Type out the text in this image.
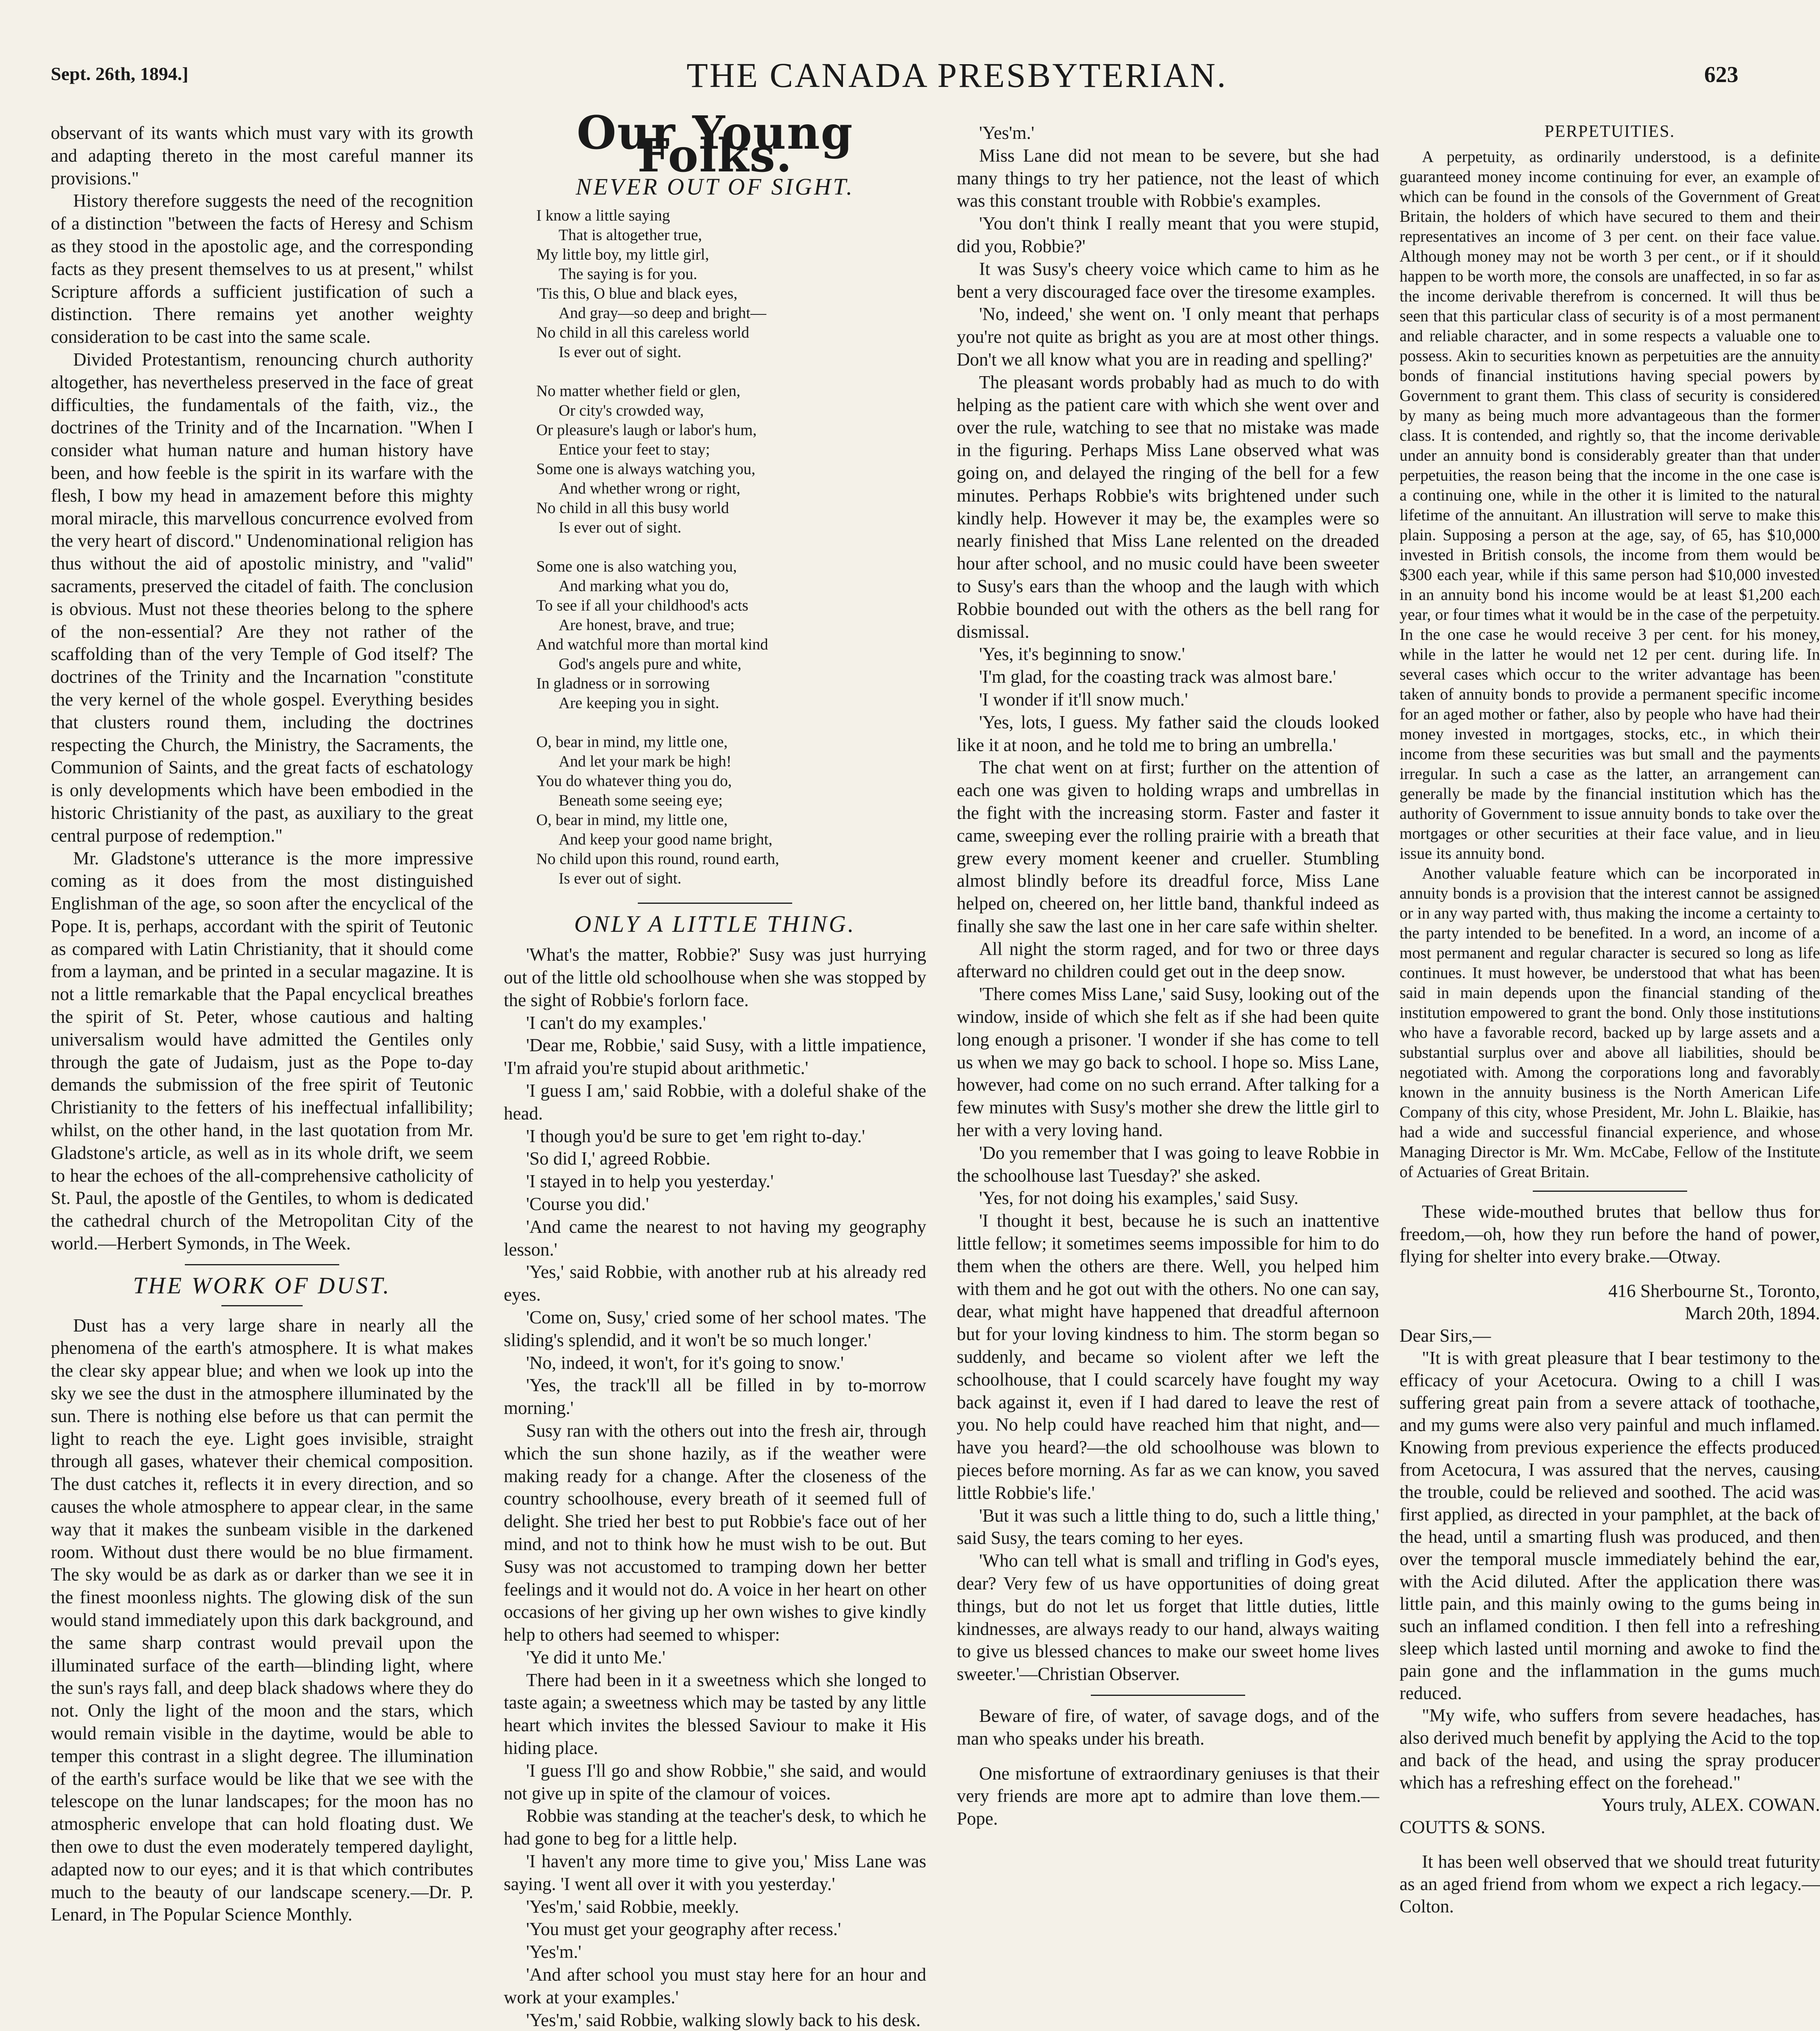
Sept. 26th, 1894.]	THE CANADA PRESBYTERIAN.	623

observant of its wants which must vary with its growth and adapting thereto in the most careful manner its provisions."

History therefore suggests the need of the recognition of a distinction "between the facts of Heresy and Schism as they stood in the apostolic age, and the corresponding facts as they present themselves to us at present," whilst Scripture affords a sufficient justification of such a distinction. There remains yet another weighty consideration to be cast into the same scale.

Divided Protestantism, renouncing church authority altogether, has nevertheless preserved in the face of great difficulties, the fundamentals of the faith, viz., the doctrines of the Trinity and of the Incarnation. "When I consider what human nature and human history have been, and how feeble is the spirit in its warfare with the flesh, I bow my head in amazement before this mighty moral miracle, this marvellous concurrence evolved from the very heart of discord." Undenominational religion has thus without the aid of apostolic ministry, and "valid" sacraments, preserved the citadel of faith. The conclusion is obvious. Must not these theories belong to the sphere of the non-essential? Are they not rather of the scaffolding than of the very Temple of God itself? The doctrines of the Trinity and the Incarnation "constitute the very kernel of the whole gospel. Everything besides that clusters round them, including the doctrines respecting the Church, the Ministry, the Sacraments, the Communion of Saints, and the great facts of eschatology is only developments which have been embodied in the historic Christianity of the past, as auxiliary to the great central purpose of redemption."

Mr. Gladstone's utterance is the more impressive coming as it does from the most distinguished Englishman of the age, so soon after the encyclical of the Pope. It is, perhaps, accordant with the spirit of Teutonic as compared with Latin Christianity, that it should come from a layman, and be printed in a secular magazine. It is not a little remarkable that the Papal encyclical breathes the spirit of St. Peter, whose cautious and halting universalism would have admitted the Gentiles only through the gate of Judaism, just as the Pope to-day demands the submission of the free spirit of Teutonic Christianity to the fetters of his ineffectual infallibility; whilst, on the other hand, in the last quotation from Mr. Gladstone's article, as well as in its whole drift, we seem to hear the echoes of the all-comprehensive catholicity of St. Paul, the apostle of the Gentiles, to whom is dedicated the cathedral church of the Metropolitan City of the world.—Herbert Symonds, in The Week.

THE WORK OF DUST.

Dust has a very large share in nearly all the phenomena of the earth's atmosphere. It is what makes the clear sky appear blue; and when we look up into the sky we see the dust in the atmosphere illuminated by the sun. There is nothing else before us that can permit the light to reach the eye. Light goes invisible, straight through all gases, whatever their chemical composition. The dust catches it, reflects it in every direction, and so causes the whole atmosphere to appear clear, in the same way that it makes the sunbeam visible in the darkened room. Without dust there would be no blue firmament. The sky would be as dark as or darker than we see it in the finest moonless nights. The glowing disk of the sun would stand immediately upon this dark background, and the same sharp contrast would prevail upon the illuminated surface of the earth—blinding light, where the sun's rays fall, and deep black shadows where they do not. Only the light of the moon and the stars, which would remain visible in the daytime, would be able to temper this contrast in a slight degree. The illumination of the earth's surface would be like that we see with the telescope on the lunar landscapes; for the moon has no atmospheric envelope that can hold floating dust. We then owe to dust the even moderately tempered daylight, adapted now to our eyes; and it is that which contributes much to the beauty of our landscape scenery.—Dr. P. Lenard, in The Popular Science Monthly.

Our Young Folks.
NEVER OUT OF SIGHT.
I know a little saying
That is altogether true,
My little boy, my little girl,
The saying is for you.
'Tis this, O blue and black eyes,
And gray—so deep and bright—
No child in all this careless world
Is ever out of sight.

No matter whether field or glen,
Or city's crowded way,
Or pleasure's laugh or labor's hum,
Entice your feet to stay;
Some one is always watching you,
And whether wrong or right,
No child in all this busy world
Is ever out of sight.

Some one is also watching you,
And marking what you do,
To see if all your childhood's acts
Are honest, brave, and true;
And watchful more than mortal kind
God's angels pure and white,
In gladness or in sorrowing
Are keeping you in sight.

O, bear in mind, my little one,
And let your mark be high!
You do whatever thing you do,
Beneath some seeing eye;
O, bear in mind, my little one,
And keep your good name bright,
No child upon this round, round earth,
Is ever out of sight.
ONLY A LITTLE THING.

'What's the matter, Robbie?' Susy was just hurrying out of the little old schoolhouse when she was stopped by the sight of Robbie's forlorn face.

'I can't do my examples.'

'Dear me, Robbie,' said Susy, with a little impatience, 'I'm afraid you're stupid about arithmetic.'

'I guess I am,' said Robbie, with a doleful shake of the head.

'I though you'd be sure to get 'em right to-day.'

'So did I,' agreed Robbie.

'I stayed in to help you yesterday.'

'Course you did.'

'And came the nearest to not having my geography lesson.'

'Yes,' said Robbie, with another rub at his already red eyes.

'Come on, Susy,' cried some of her school mates. 'The sliding's splendid, and it won't be so much longer.'

'No, indeed, it won't, for it's going to snow.'

'Yes, the track'll all be filled in by to-morrow morning.'

Susy ran with the others out into the fresh air, through which the sun shone hazily, as if the weather were making ready for a change. After the closeness of the country schoolhouse, every breath of it seemed full of delight. She tried her best to put Robbie's face out of her mind, and not to think how he must wish to be out. But Susy was not accustomed to tramping down her better feelings and it would not do. A voice in her heart on other occasions of her giving up her own wishes to give kindly help to others had seemed to whisper:

'Ye did it unto Me.'

There had been in it a sweetness which she longed to taste again; a sweetness which may be tasted by any little heart which invites the blessed Saviour to make it His hiding place.

'I guess I'll go and show Robbie," she said, and would not give up in spite of the clamour of voices.

Robbie was standing at the teacher's desk, to which he had gone to beg for a little help.

'I haven't any more time to give you,' Miss Lane was saying. 'I went all over it with you yesterday.'

'Yes'm,' said Robbie, meekly.

'You must get your geography after recess.'

'Yes'm.'

'And after school you must stay here for an hour and work at your examples.'

'Yes'm,' said Robbie, walking slowly back to his desk.

'Yes'm.'

Miss Lane did not mean to be severe, but she had many things to try her patience, not the least of which was this constant trouble with Robbie's examples.

'You don't think I really meant that you were stupid, did you, Robbie?'

It was Susy's cheery voice which came to him as he bent a very discouraged face over the tiresome examples.

'No, indeed,' she went on. 'I only meant that perhaps you're not quite as bright as you are at most other things. Don't we all know what you are in reading and spelling?'

The pleasant words probably had as much to do with helping as the patient care with which she went over and over the rule, watching to see that no mistake was made in the figuring. Perhaps Miss Lane observed what was going on, and delayed the ringing of the bell for a few minutes. Perhaps Robbie's wits brightened under such kindly help. However it may be, the examples were so nearly finished that Miss Lane relented on the dreaded hour after school, and no music could have been sweeter to Susy's ears than the whoop and the laugh with which Robbie bounded out with the others as the bell rang for dismissal.

'Yes, it's beginning to snow.'

'I'm glad, for the coasting track was almost bare.'

'I wonder if it'll snow much.'

'Yes, lots, I guess. My father said the clouds looked like it at noon, and he told me to bring an umbrella.'

The chat went on at first; further on the attention of each one was given to holding wraps and umbrellas in the fight with the increasing storm. Faster and faster it came, sweeping ever the rolling prairie with a breath that grew every moment keener and crueller. Stumbling almost blindly before its dreadful force, Miss Lane helped on, cheered on, her little band, thankful indeed as finally she saw the last one in her care safe within shelter.

All night the storm raged, and for two or three days afterward no children could get out in the deep snow.

'There comes Miss Lane,' said Susy, looking out of the window, inside of which she felt as if she had been quite long enough a prisoner. 'I wonder if she has come to tell us when we may go back to school. I hope so. Miss Lane, however, had come on no such errand. After talking for a few minutes with Susy's mother she drew the little girl to her with a very loving hand.

'Do you remember that I was going to leave Robbie in the schoolhouse last Tuesday?' she asked.

'Yes, for not doing his examples,' said Susy.

'I thought it best, because he is such an inattentive little fellow; it sometimes seems impossible for him to do them when the others are there. Well, you helped him with them and he got out with the others. No one can say, dear, what might have happened that dreadful afternoon but for your loving kindness to him. The storm began so suddenly, and became so violent after we left the schoolhouse, that I could scarcely have fought my way back against it, even if I had dared to leave the rest of you. No help could have reached him that night, and—have you heard?—the old schoolhouse was blown to pieces before morning. As far as we can know, you saved little Robbie's life.'

'But it was such a little thing to do, such a little thing,' said Susy, the tears coming to her eyes.

'Who can tell what is small and trifling in God's eyes, dear? Very few of us have opportunities of doing great things, but do not let us forget that little duties, little kindnesses, are always ready to our hand, always waiting to give us blessed chances to make our sweet home lives sweeter.'—Christian Observer.

Beware of fire, of water, of savage dogs, and of the man who speaks under his breath.

One misfortune of extraordinary geniuses is that their very friends are more apt to admire than love them.—Pope.

PERPETUITIES.

A perpetuity, as ordinarily understood, is a definite guaranteed money income continuing for ever, an example of which can be found in the consols of the Government of Great Britain, the holders of which have secured to them and their representatives an income of 3 per cent. on their face value. Although money may not be worth 3 per cent., or if it should happen to be worth more, the consols are unaffected, in so far as the income derivable therefrom is concerned. It will thus be seen that this particular class of security is of a most permanent and reliable character, and in some respects a valuable one to possess. Akin to securities known as perpetuities are the annuity bonds of financial institutions having special powers by Government to grant them. This class of security is considered by many as being much more advantageous than the former class. It is contended, and rightly so, that the income derivable under an annuity bond is considerably greater than that under perpetuities, the reason being that the income in the one case is a continuing one, while in the other it is limited to the natural lifetime of the annuitant. An illustration will serve to make this plain. Supposing a person at the age, say, of 65, has $10,000 invested in British consols, the income from them would be $300 each year, while if this same person had $10,000 invested in an annuity bond his income would be at least $1,200 each year, or four times what it would be in the case of the perpetuity. In the one case he would receive 3 per cent. for his money, while in the latter he would net 12 per cent. during life. In several cases which occur to the writer advantage has been taken of annuity bonds to provide a permanent specific income for an aged mother or father, also by people who have had their money invested in mortgages, stocks, etc., in which their income from these securities was but small and the payments irregular. In such a case as the latter, an arrangement can generally be made by the financial institution which has the authority of Government to issue annuity bonds to take over the mortgages or other securities at their face value, and in lieu issue its annuity bond.

Another valuable feature which can be incorporated in annuity bonds is a provision that the interest cannot be assigned or in any way parted with, thus making the income a certainty to the party intended to be benefited. In a word, an income of a most permanent and regular character is secured so long as life continues. It must however, be understood that what has been said in main depends upon the financial standing of the institution empowered to grant the bond. Only those institutions who have a favorable record, backed up by large assets and a substantial surplus over and above all liabilities, should be negotiated with. Among the corporations long and favorably known in the annuity business is the North American Life Company of this city, whose President, Mr. John L. Blaikie, has had a wide and successful financial experience, and whose Managing Director is Mr. Wm. McCabe, Fellow of the Institute of Actuaries of Great Britain.

These wide-mouthed brutes that bellow thus for freedom,—oh, how they run before the hand of power, flying for shelter into every brake.—Otway.

416 Sherbourne St., Toronto,
March 20th, 1894.

Dear Sirs,—

"It is with great pleasure that I bear testimony to the efficacy of your Acetocura. Owing to a chill I was suffering great pain from a severe attack of toothache, and my gums were also very painful and much inflamed. Knowing from previous experience the effects produced from Acetocura, I was assured that the nerves, causing the trouble, could be relieved and soothed. The acid was first applied, as directed in your pamphlet, at the back of the head, until a smarting flush was produced, and then over the temporal muscle immediately behind the ear, with the Acid diluted. After the application there was little pain, and this mainly owing to the gums being in such an inflamed condition. I then fell into a refreshing sleep which lasted until morning and awoke to find the pain gone and the inflammation in the gums much reduced.

"My wife, who suffers from severe headaches, has also derived much benefit by applying the Acid to the top and back of the head, and using the spray producer which has a refreshing effect on the forehead."

Yours truly, ALEX. COWAN.

COUTTS & SONS.

It has been well observed that we should treat futurity as an aged friend from whom we expect a rich legacy.—Colton.
